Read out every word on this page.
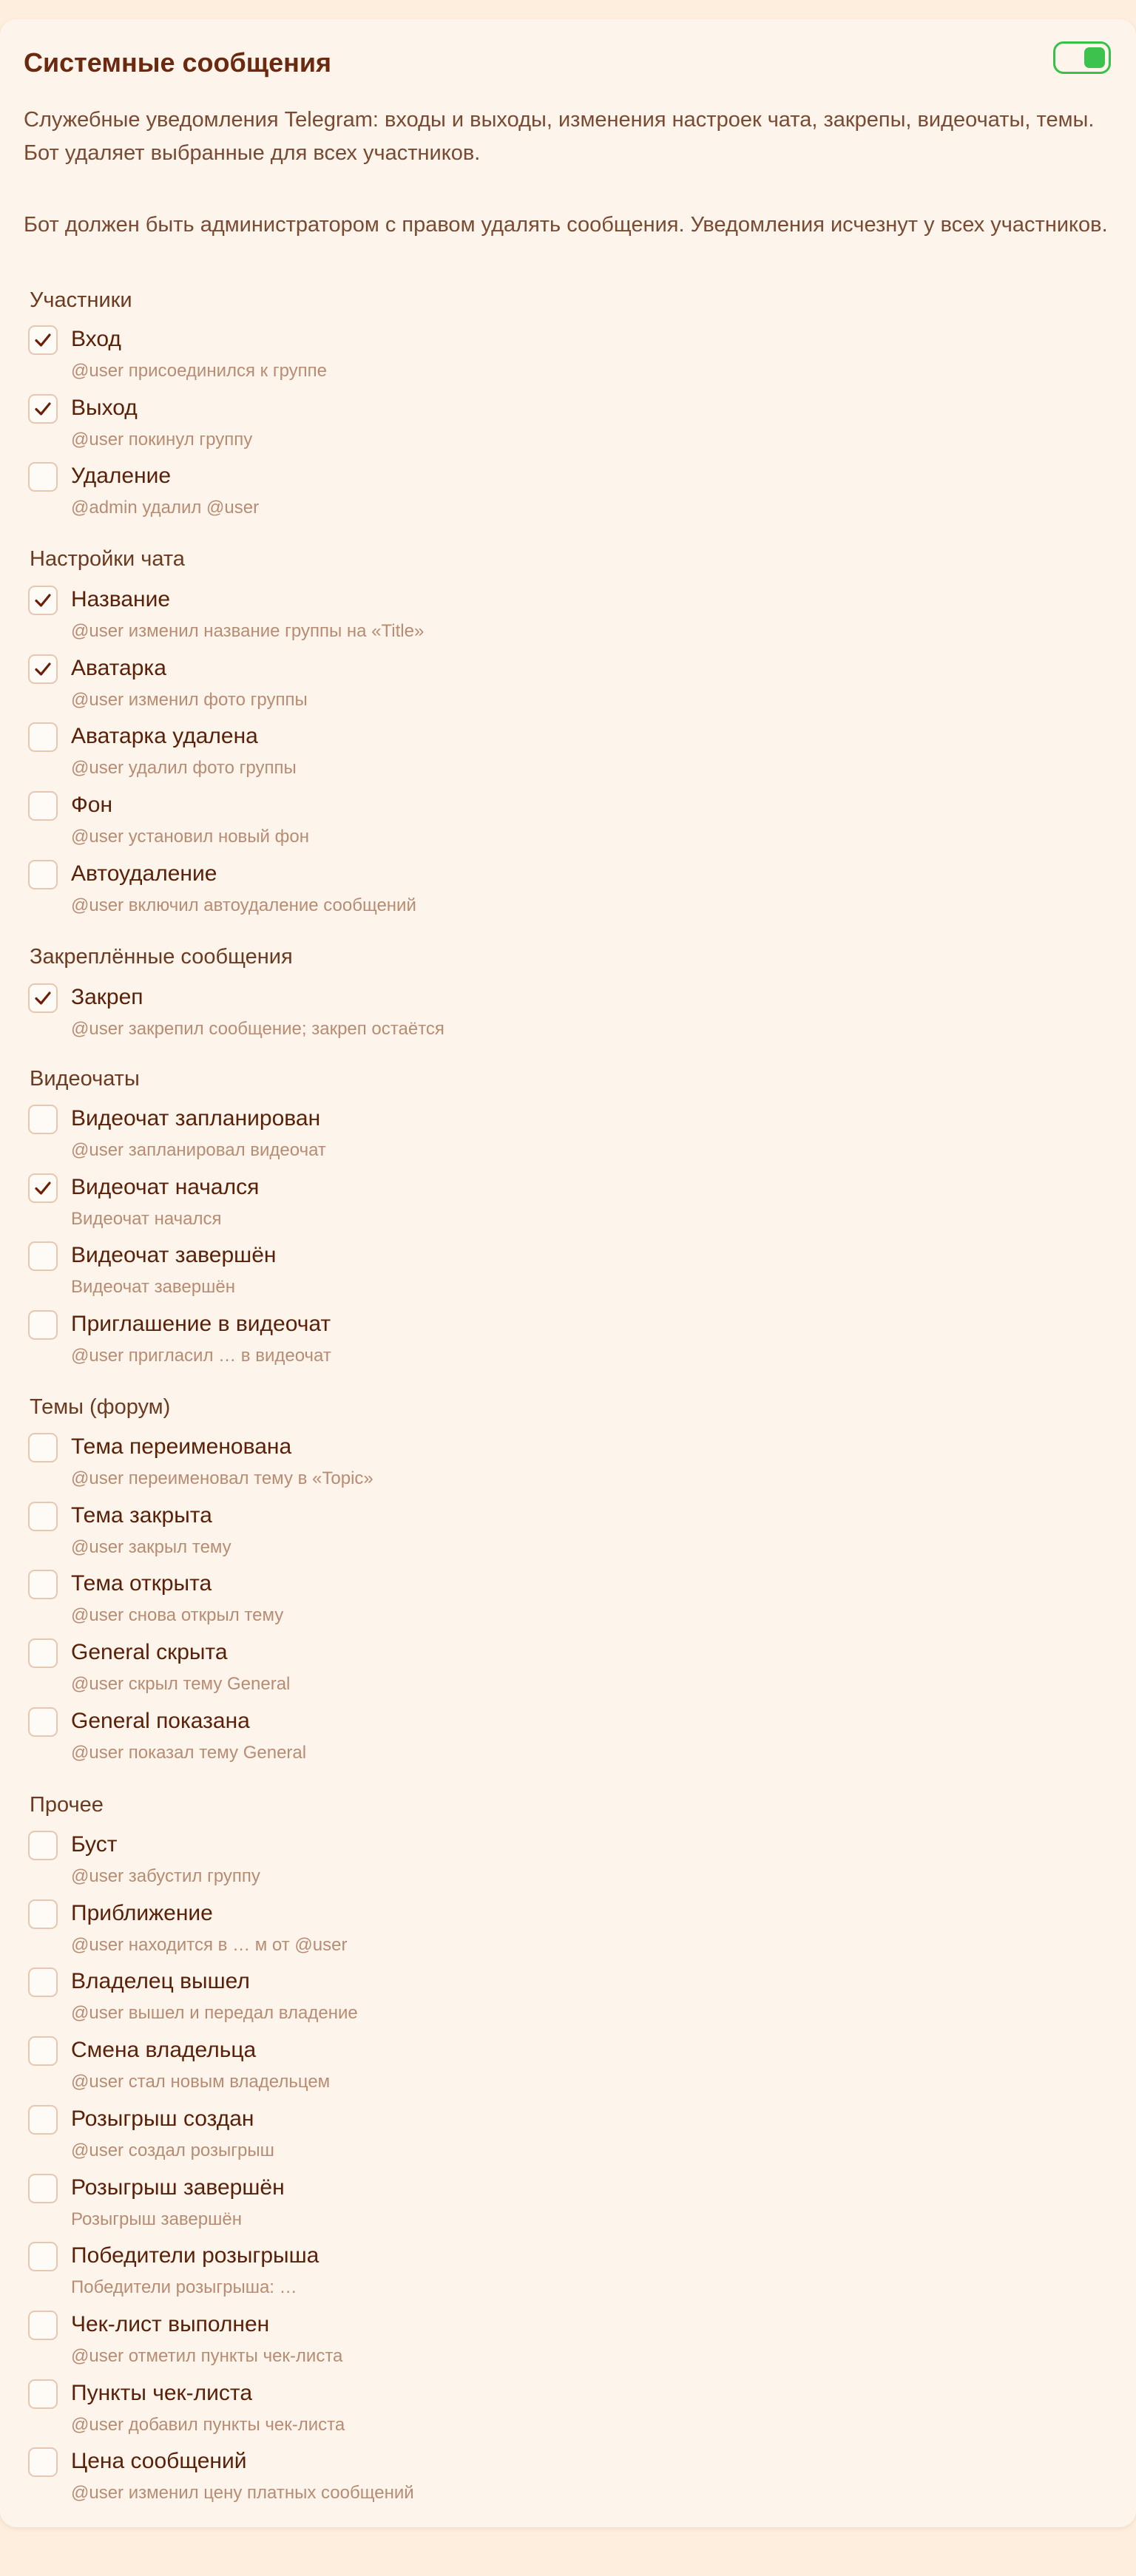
Системные сообщения
Служебные уведомления Telegram: входы и выходы, изменения настроек чата, закрепы, видеочаты, темы. Бот удаляет выбранные для всех участников.
Бот должен быть администратором с правом удалять сообщения. Уведомления исчезнут у всех участников.
Участники
Вход
@user присоединился к группе
Выход
@user покинул группу
Удаление
@admin удалил @user
Настройки чата
Название
@user изменил название группы на «Title»
Аватарка
@user изменил фото группы
Аватарка удалена
@user удалил фото группы
Фон
@user установил новый фон
Автоудаление
@user включил автоудаление сообщений
Закреплённые сообщения
Закреп
@user закрепил сообщение; закреп остаётся
Видеочаты
Видеочат запланирован
@user запланировал видеочат
Видеочат начался
Видеочат начался
Видеочат завершён
Видеочат завершён
Приглашение в видеочат
@user пригласил … в видеочат
Темы (форум)
Тема переименована
@user переименовал тему в «Topic»
Тема закрыта
@user закрыл тему
Тема открыта
@user снова открыл тему
General скрыта
@user скрыл тему General
General показана
@user показал тему General
Прочее
Буст
@user забустил группу
Приближение
@user находится в … м от @user
Владелец вышел
@user вышел и передал владение
Смена владельца
@user стал новым владельцем
Розыгрыш создан
@user создал розыгрыш
Розыгрыш завершён
Розыгрыш завершён
Победители розыгрыша
Победители розыгрыша: …
Чек-лист выполнен
@user отметил пункты чек-листа
Пункты чек-листа
@user добавил пункты чек-листа
Цена сообщений
@user изменил цену платных сообщений
